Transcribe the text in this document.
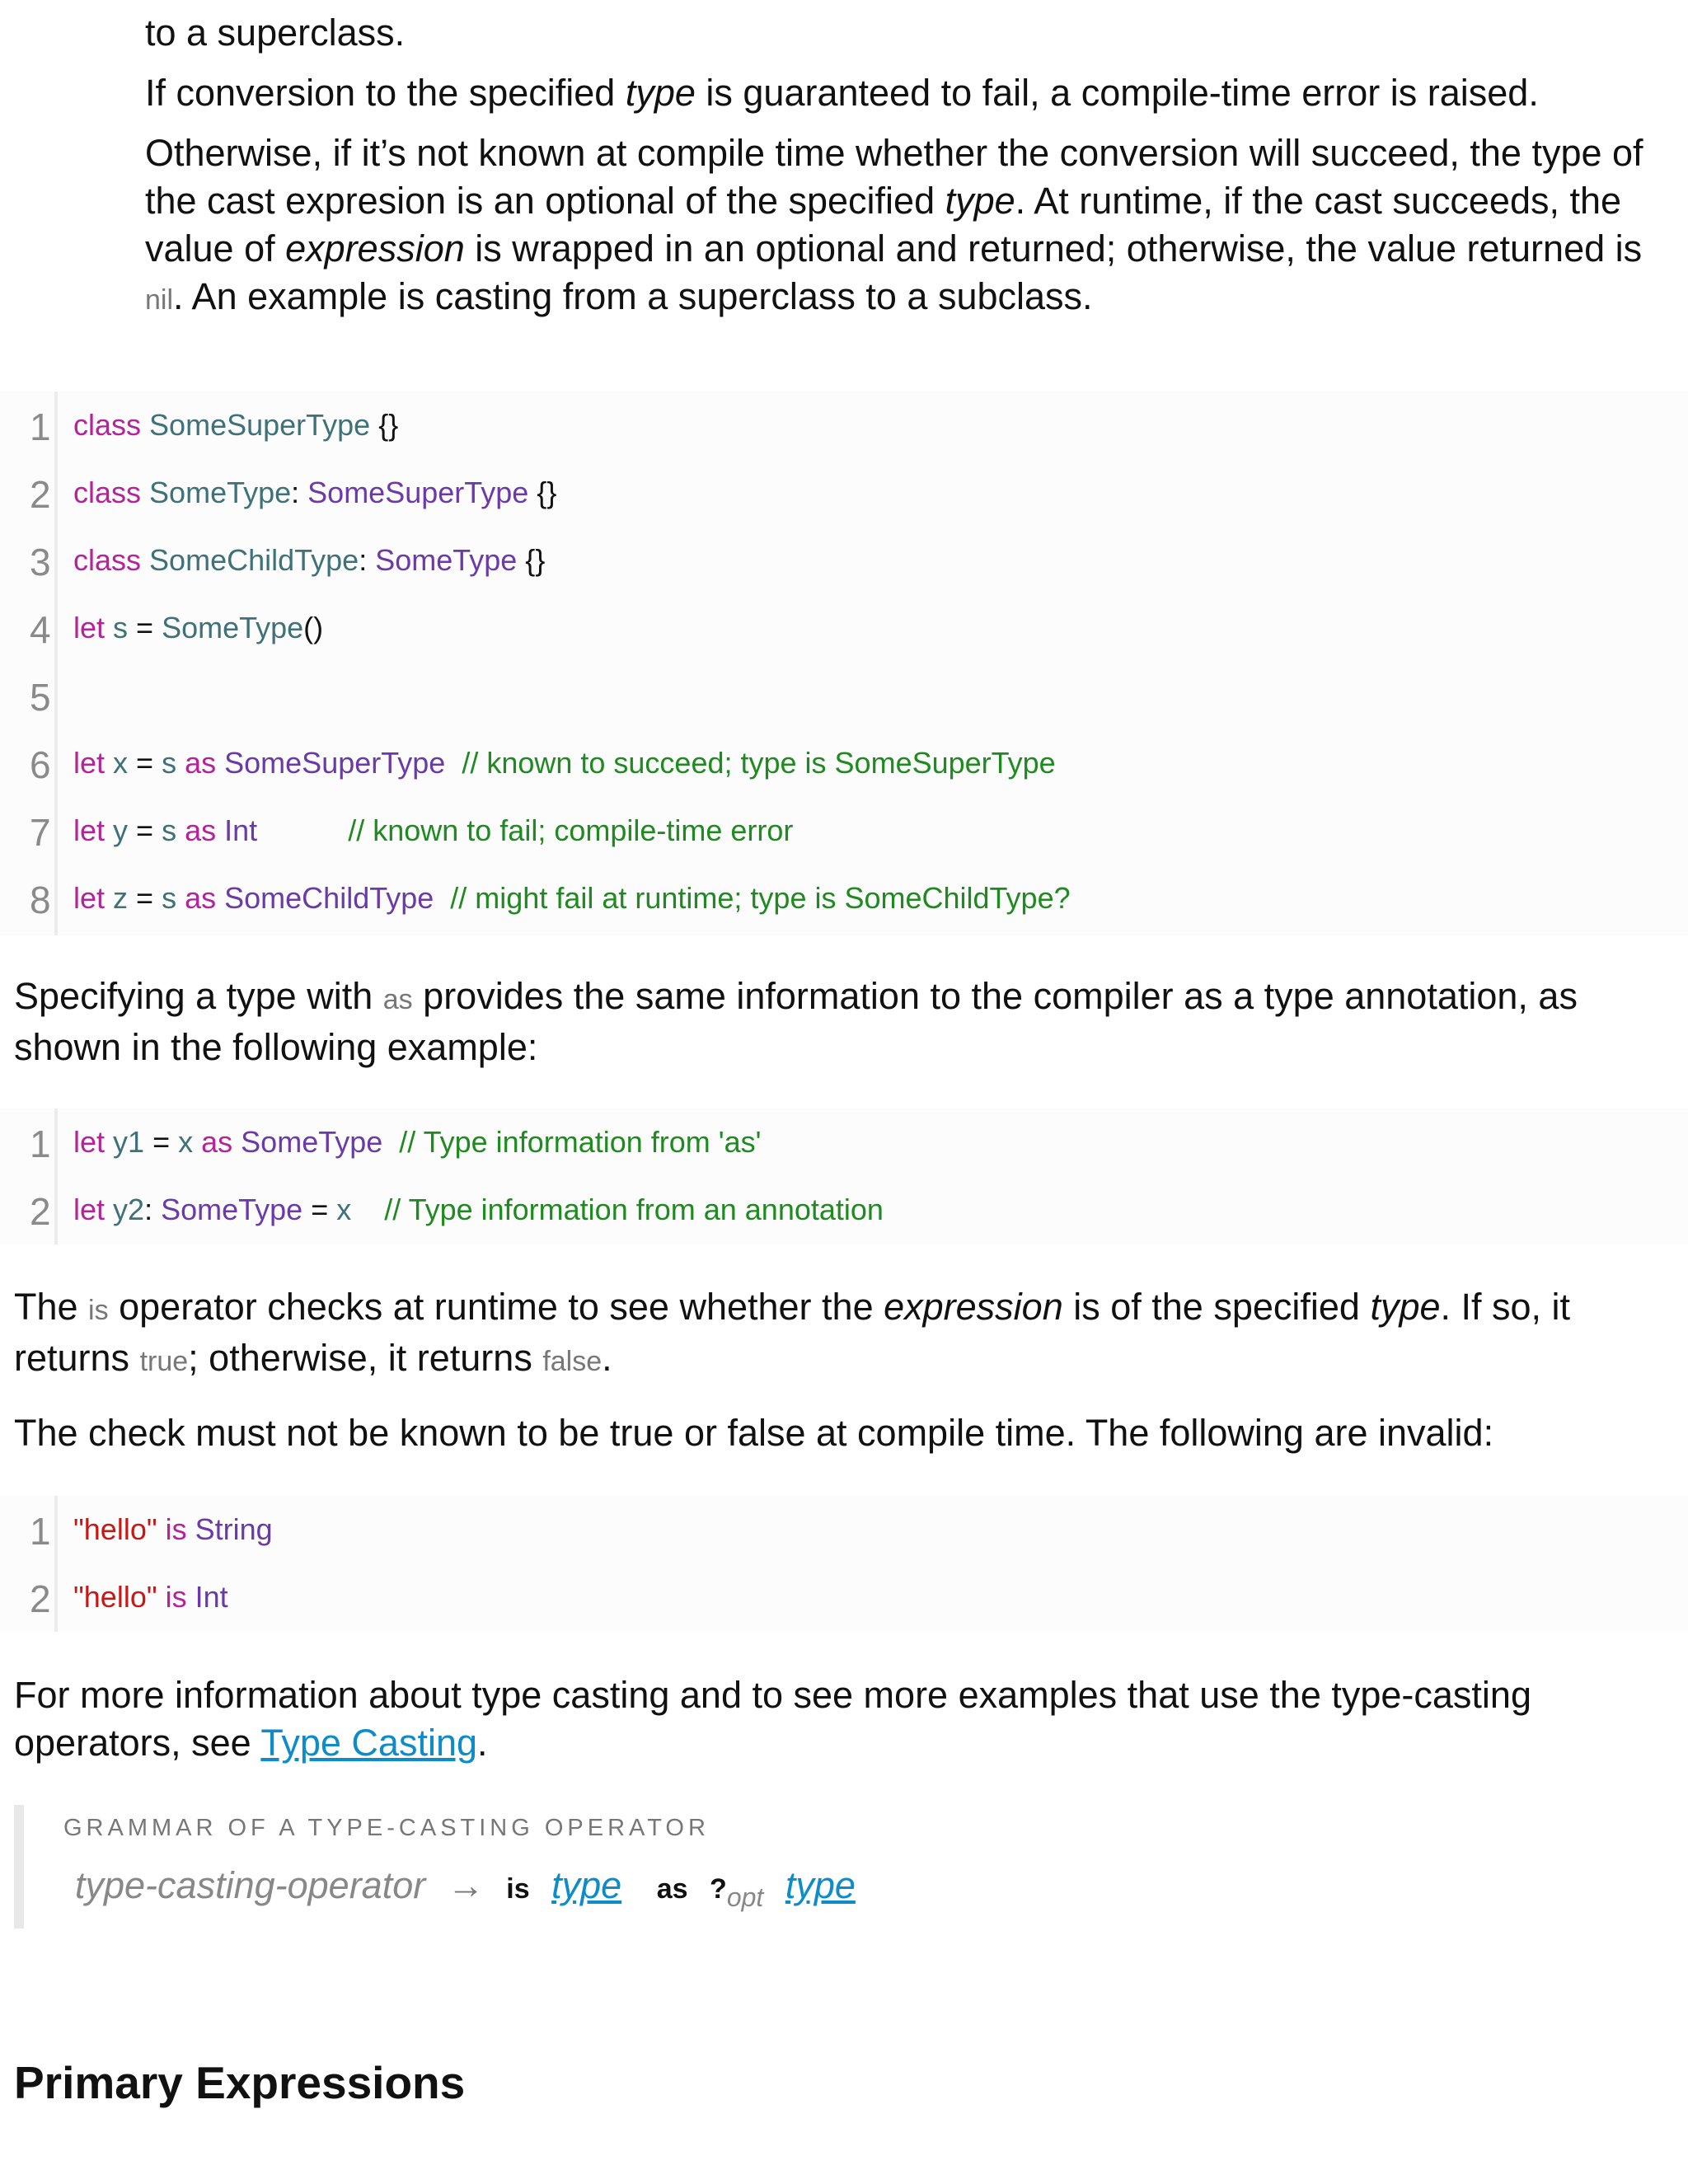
to a superclass.

If conversion to the specified type is guaranteed to fail, a compile-time error is raised.

Otherwise, if it’s not known at compile time whether the conversion will succeed, the type of the cast expresion is an optional of the specified type. At runtime, if the cast succeeds, the value of expression is wrapped in an optional and returned; otherwise, the value returned is nil. An example is casting from a superclass to a subclass.

1 class SomeSuperType {}
2 class SomeType: SomeSuperType {}
3 class SomeChildType: SomeType {}
4 let s = SomeType()
5
6 let x = s as SomeSuperType // known to succeed; type is SomeSuperType
7 let y = s as Int	// known to fail; compile-time error
8 let z = s as SomeChildType // might fail at runtime; type is SomeChildType?

Specifying a type with as provides the same information to the compiler as a type annotation, as shown in the following example:

1 let y1 = x as SomeType // Type information from 'as'
2 let y2: SomeType = x // Type information from an annotation

The is operator checks at runtime to see whether the expression is of the specified type. If so, it returns true; otherwise, it returns false.

The check must not be known to be true or false at compile time. The following are invalid:

1 "hello" is String
2 "hello" is Int

For more information about type casting and to see more examples that use the type-casting operators, see Type Casting.

GRAMMAR OF A TYPE-CASTING OPERATOR
type-casting-operator → is type as $?_{opt}$ type
Primary Expressions
